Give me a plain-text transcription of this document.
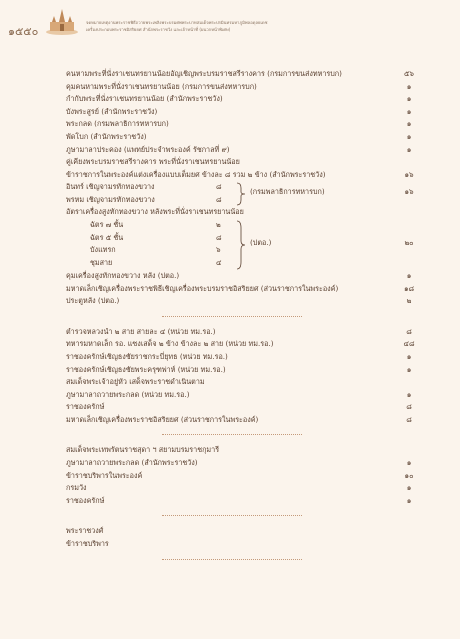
๑๕๕๐
จดหมายเหตุงานพระราชพิธีถวายพระเพลิงพระบรมศพพระบาทสมเด็จพระปรมินทรมหาภูมิพลอดุลยเดช
เครื่องประกอบพระราชอิสริยยศ สำนักพระราชวัง และเจ้าหน้าที่ (ผนวกหน้าพิเศษ)
คนหามพระที่นั่งราเชนทรยานน้อยอัญเชิญพระบรมราชสรีรางคาร (กรมการขนส่งทหารบก)	๕๖
คุมคนหามพระที่นั่งราเชนทรยานน้อย (กรมการขนส่งทหารบก)	๑
กำกับพระที่นั่งราเชนทรยานน้อย (สำนักพระราชวัง)	๑
บังพระสูรย์ (สำนักพระราชวัง)	๑
พระกลด (กรมพลาธิการทหารบก)	๑
พัดโบก (สำนักพระราชวัง)	๑
ภูษามาลาประคอง (แพทย์ประจำพระองค์ รัชกาลที่ ๙)	๑
คู่เคียงพระบรมราชสรีรางคาร พระที่นั่งราเชนทรยานน้อย
ข้าราชการในพระองค์แต่งเครื่องแบบเต็มยศ ข้างละ ๘ รวม ๒ ข้าง (สำนักพระราชวัง)	๑๖
อินทร์ เชิญจามรทักทองขวาง	๘
พรหม เชิญจามรทักทองขวาง	๘
(กรมพลาธิการทหารบก)	๑๖
อัตราเครื่องสูงทักทองขวาง หลังพระที่นั่งราเชนทรยานน้อย
ฉัตร ๗ ชั้น	๒
ฉัตร ๕ ชั้น	๘
บังแทรก	๖
ชุมสาย	๔
(ปตอ.)	๒๐
คุมเครื่องสูงทักทองขวาง หลัง (ปตอ.)	๑
มหาดเล็กเชิญเครื่องพระราชพิธีเชิญเครื่องพระบรมราชอิสริยยศ (ส่วนราชการในพระองค์)	๑๘
ประตูหลัง (ปตอ.)	๒
ตำรวจหลวงนำ ๒ สาย สายละ ๔ (หน่วย ทม.รอ.)	๘
ทหารมหาดเล็ก รอ. แซงเสด็จ ๒ ข้าง ข้างละ ๒ สาย (หน่วย ทม.รอ.)	๔๘
ราชองครักษ์เชิญธงชัยราชกระบี่ยุทธ (หน่วย ทม.รอ.)	๑
ราชองครักษ์เชิญธงชัยพระครุฑพ่าห์ (หน่วย ทม.รอ.)	๑
สมเด็จพระเจ้าอยู่หัว เสด็จพระราชดำเนินตาม
ภูษามาลาถวายพระกลด (หน่วย ทม.รอ.)	๑
ราชองครักษ์	๘
มหาดเล็กเชิญเครื่องพระราชอิสริยยศ (ส่วนราชการในพระองค์)	๘
สมเด็จพระเทพรัตนราชสุดา ฯ สยามบรมราชกุมารี
ภูษามาลาถวายพระกลด (สำนักพระราชวัง)	๑
ข้าราชบริพารในพระองค์	๑๐
กรมวัง	๑
ราชองครักษ์	๑
พระราชวงศ์
ข้าราชบริพาร
